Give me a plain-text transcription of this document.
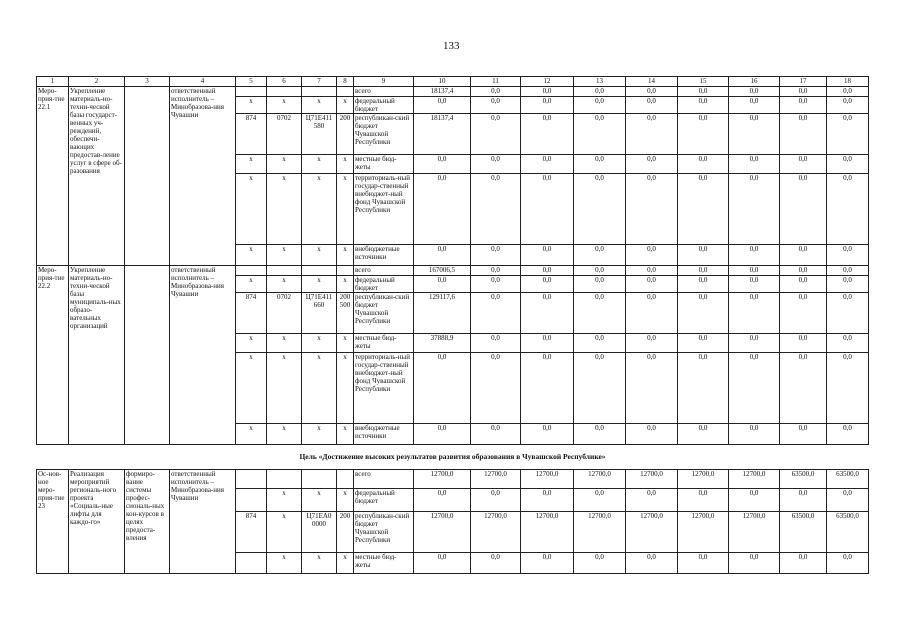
133
1	2	3	4	5	6	7	8	9	10	11	12	13	14	15	16	17	18
Меро-прия-тие 22.1	Укрепление материаль-но-техни-ческой базы государст-венных уч-реждений, обеспечи-вающих предостав-ление услуг в сфере об-разования		ответственный исполнитель – Минобразова-ния Чувашии					всего	18137,4	0,0	0,0	0,0	0,0	0,0	0,0	0,0	0,0
				x	x	x	x	федеральный бюджет	0,0	0,0	0,0	0,0	0,0	0,0	0,0	0,0	0,0
				874	0702	Ц71Е411 580	200	республикан-ский бюджет Чувашской Республики	18137,4	0,0	0,0	0,0	0,0	0,0	0,0	0,0	0,0
				x	x	x	x	местные бюд-жеты	0,0	0,0	0,0	0,0	0,0	0,0	0,0	0,0	0,0
				x	x	x	x	территориаль-ный государ-ственный внебюджет-ный фонд Чувашской Республики	0,0	0,0	0,0	0,0	0,0	0,0	0,0	0,0	0,0
				x	x	x	x	внебюджетные источники	0,0	0,0	0,0	0,0	0,0	0,0	0,0	0,0	0,0
Меро-прия-тие 22.2	Укрепление материаль-но-техни-ческой базы муниципаль-ных образо-вательных организаций		ответственный исполнитель – Минобразова-ния Чувашии					всего	167006,5	0,0	0,0	0,0	0,0	0,0	0,0	0,0	0,0
				x	x	x	x	федеральный бюджет	0,0	0,0	0,0	0,0	0,0	0,0	0,0	0,0	0,0
				874	0702	Ц71Е411 660	200 500	республикан-ский бюджет Чувашской Республики	129117,6	0,0	0,0	0,0	0,0	0,0	0,0	0,0	0,0
				x	x	x	x	местные бюд-жеты	37888,9	0,0	0,0	0,0	0,0	0,0	0,0	0,0	0,0
				x	x	x	x	территориаль-ный государ-ственный внебюджет-ный фонд Чувашской Республики	0,0	0,0	0,0	0,0	0,0	0,0	0,0	0,0	0,0
				x	x	x	x	внебюджетные источники	0,0	0,0	0,0	0,0	0,0	0,0	0,0	0,0	0,0
Цель «Достижение высоких результатов развития образования в Чувашской Республике»																	
Ос-нов-ное меро-прия-тие 23	Реализация мероприятий региональ-ного проекта «Социаль-ные лифты для каждо-го»	формиро-вание системы профес-сиональ-ных кон-курсов в целях предоста-вления	ответственный исполнитель – Минобразова-ния Чувашии					всего	12700,0	12700,0	12700,0	12700,0	12700,0	12700,0	12700,0	63500,0	63500,0
					x	x	x	федеральный бюджет	0,0	0,0	0,0	0,0	0,0	0,0	0,0	0,0	0,0
				874	x	Ц71ЕА0 0000	200	республикан-ский бюджет Чувашской Республики	12700,0	12700,0	12700,0	12700,0	12700,0	12700,0	12700,0	63500,0	63500,0
					x	x	x	местные бюд-жеты	0,0	0,0	0,0	0,0	0,0	0,0	0,0	0,0	0,0
